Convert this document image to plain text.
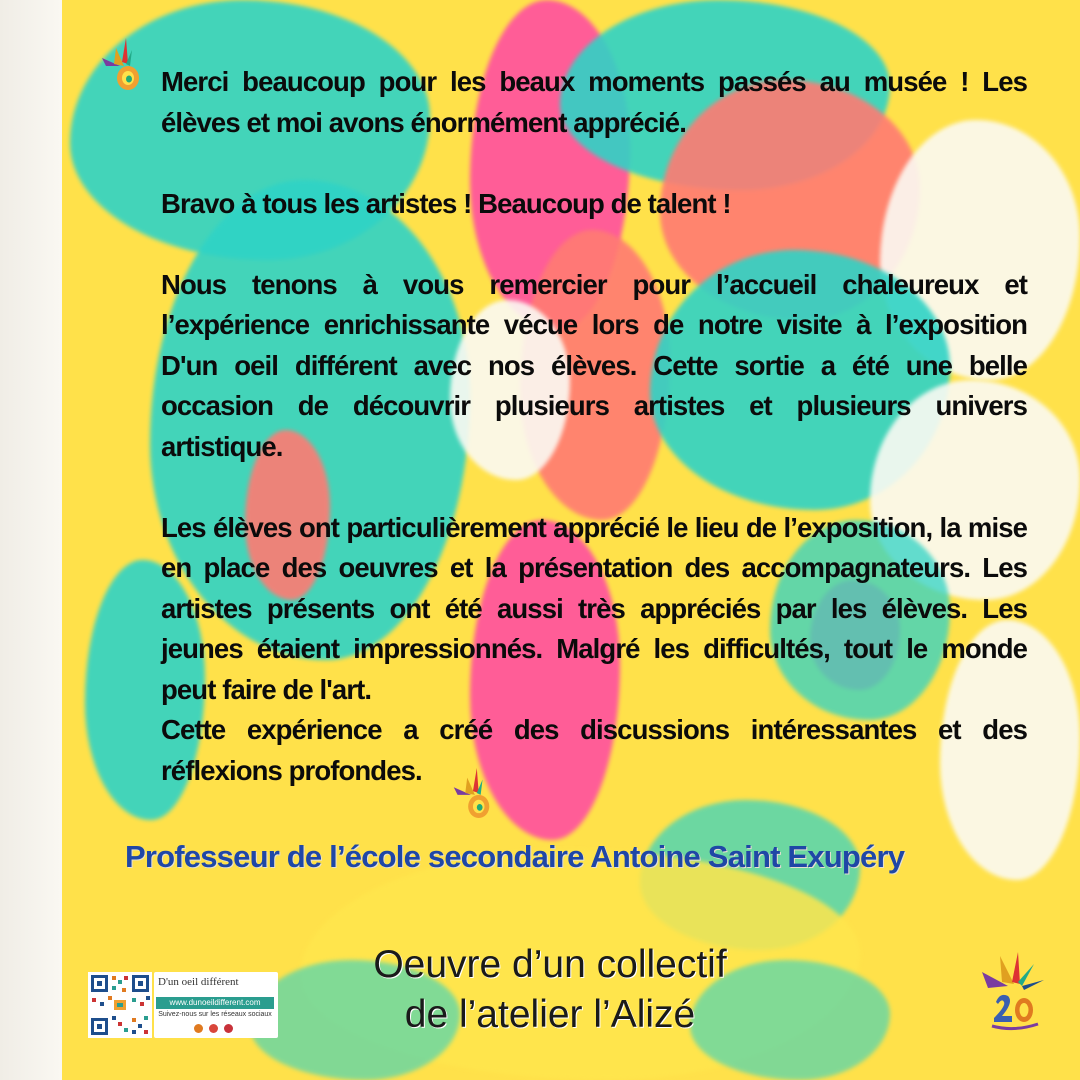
Merci beaucoup pour les beaux moments passés au musée ! Les élèves et moi avons énormément apprécié.

Bravo à tous les artistes ! Beaucoup de talent !

Nous tenons à vous remercier pour l’accueil chaleureux et l’expérience enrichissante vécue lors de notre visite à l’exposition D'un oeil différent avec nos élèves. Cette sortie a été une belle occasion de découvrir plusieurs artistes et plusieurs univers artistique.

Les élèves ont particulièrement apprécié le lieu de l’exposition, la mise en place des oeuvres et la présentation des accompagnateurs. Les artistes présents ont été aussi très appréciés par les élèves. Les jeunes étaient impressionnés. Malgré les difficultés, tout le monde peut faire de l'art.

Cette expérience a créé des discussions intéressantes et des réflexions profondes.

Professeur de l’école secondaire Antoine Saint Exupéry
Oeuvre d’un collectif
de l’atelier l’Alizé
D'un oeil différent
www.dunoeildifferent.com
Suivez-nous sur les réseaux sociaux
